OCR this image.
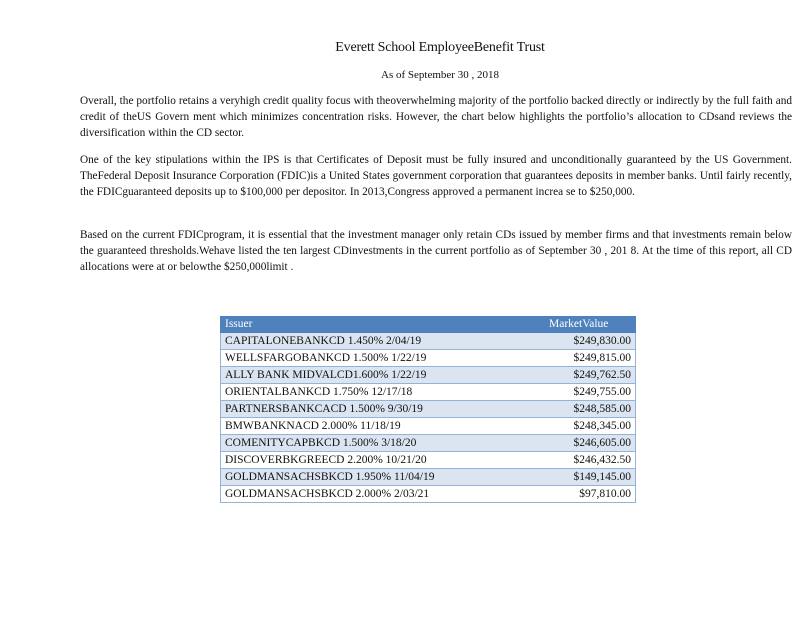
Everett School EmployeeBenefit Trust
As of September 30 , 2018

Overall, the portfolio retains a veryhigh credit quality focus with theoverwhelming majority of the portfolio backed directly or indirectly by the full faith and credit of theUS Govern ment which minimizes concentration risks. However, the chart below highlights the portfolio’s allocation to CDsand reviews the diversification within the CD sector.

One of the key stipulations within the IPS is that Certificates of Deposit must be fully insured and unconditionally guaranteed by the US Government. TheFederal Deposit Insurance Corporation (FDIC)is a United States government corporation that guarantees deposits in member banks. Until fairly recently, the FDICguaranteed deposits up to $100,000 per depositor. In 2013,Congress approved a permanent increa se to $250,000.

Based on the current FDICprogram, it is essential that the investment manager only retain CDs issued by member firms and that investments remain below the guaranteed thresholds.Wehave listed the ten largest CDinvestments in the current portfolio as of September 30 , 201 8. At the time of this report, all CD allocations were at or belowthe $250,000limit .

Issuer	MarketValue
CAPITALONEBANKCD 1.450% 2/04/19	$249,830.00
WELLSFARGOBANKCD 1.500% 1/22/19	$249,815.00
ALLY BANK MIDVALCD1.600% 1/22/19	$249,762.50
ORIENTALBANKCD 1.750% 12/17/18	$249,755.00
PARTNERSBANKCACD 1.500% 9/30/19	$248,585.00
BMWBANKNACD 2.000% 11/18/19	$248,345.00
COMENITYCAPBKCD 1.500% 3/18/20	$246,605.00
DISCOVERBKGREECD 2.200% 10/21/20	$246,432.50
GOLDMANSACHSBKCD 1.950% 11/04/19	$149,145.00
GOLDMANSACHSBKCD 2.000% 2/03/21	$97,810.00
